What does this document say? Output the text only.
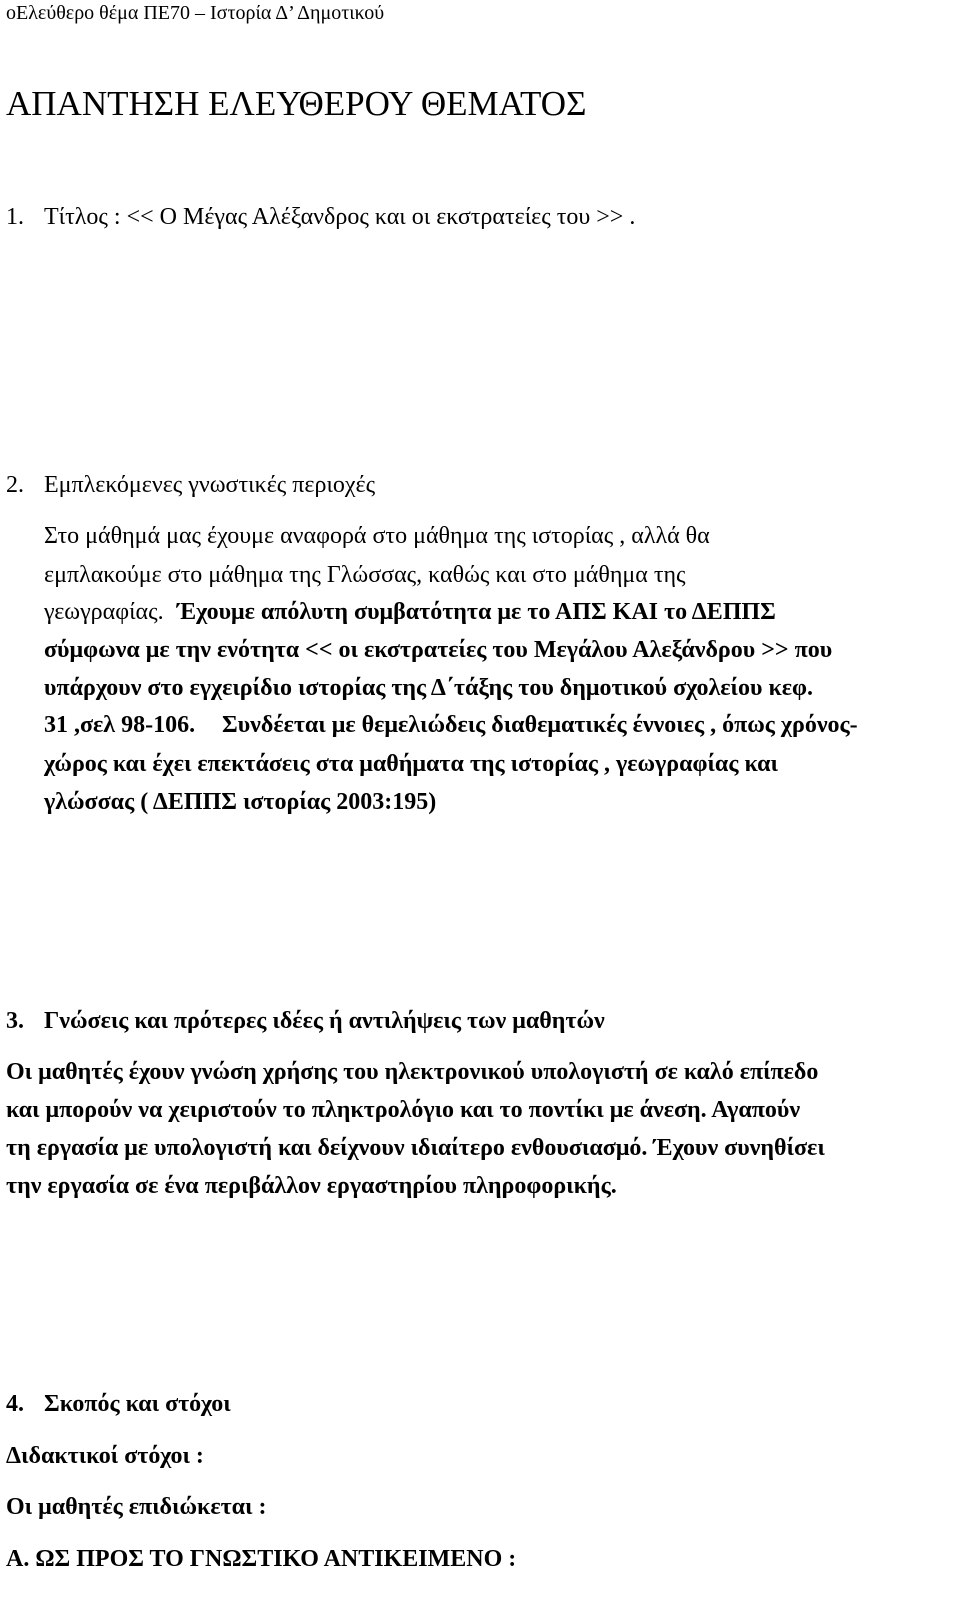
οΕλεύθερο θέμα ΠΕ70 – Ιστορία Δ’ Δημοτικού
ΑΠΑΝΤΗΣΗ ΕΛΕΥΘΕΡΟΥ ΘΕΜΑΤΟΣ
1. Τίτλος : << Ο Μέγας Αλέξανδρος και οι εκστρατείες του >> .
2. Εμπλεκόμενες γνωστικές περιοχές
Στο μάθημά μας έχουμε αναφορά στο μάθημα της ιστορίας , αλλά θα
εμπλακούμε στο μάθημα της Γλώσσας, καθώς και στο μάθημα της
γεωγραφίας. Έχουμε απόλυτη συμβατότητα με το ΑΠΣ ΚΑΙ το ΔΕΠΠΣ
σύμφωνα με την ενότητα << οι εκστρατείες του Μεγάλου Αλεξάνδρου >> που
υπάρχουν στο εγχειρίδιο ιστορίας της Δ΄τάξης του δημοτικού σχολείου κεφ.
31 ,σελ 98-106. Συνδέεται με θεμελιώδεις διαθεματικές έννοιες , όπως χρόνος-
χώρος και έχει επεκτάσεις στα μαθήματα της ιστορίας , γεωγραφίας και
γλώσσας ( ΔΕΠΠΣ ιστορίας 2003:195)
3. Γνώσεις και πρότερες ιδέες ή αντιλήψεις των μαθητών
Οι μαθητές έχουν γνώση χρήσης του ηλεκτρονικού υπολογιστή σε καλό επίπεδο
και μπορούν να χειριστούν το πληκτρολόγιο και το ποντίκι με άνεση. Αγαπούν
τη εργασία με υπολογιστή και δείχνουν ιδιαίτερο ενθουσιασμό. Έχουν συνηθίσει
την εργασία σε ένα περιβάλλον εργαστηρίου πληροφορικής.
4. Σκοπός και στόχοι
Διδακτικοί στόχοι :
Οι μαθητές επιδιώκεται :
Α. ΩΣ ΠΡΟΣ ΤΟ ΓΝΩΣΤΙΚΟ ΑΝΤΙΚΕΙΜΕΝΟ :
